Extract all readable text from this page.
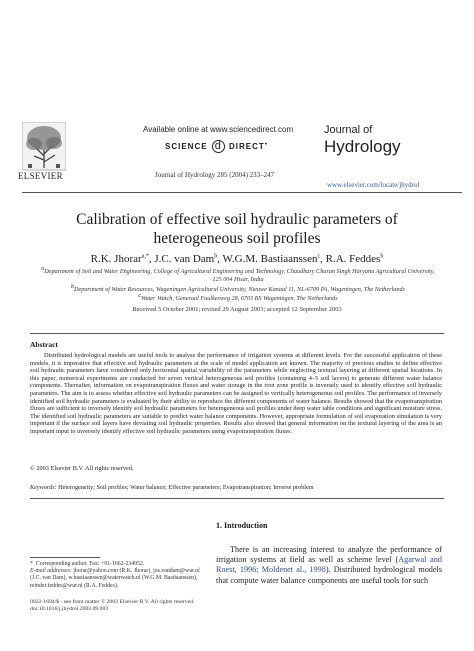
ELSEVIER
Available online at www.sciencedirect.com
SCIENCE d DIRECT•
Journal of Hydrology 285 (2004) 233–247
Journal of
Hydrology
www.elsevier.com/locate/jhydrol
Calibration of effective soil hydraulic parameters of heterogeneous soil profiles
R.K. Jhorar$^{a,*}$, J.C. van Dam$^b$, W.G.M. Bastiaanssen$^c$, R.A. Feddes$^b$
$^a$Department of Soil and Water Engineering, College of Agricultural Engineering and Technology, Chaudhary Charan Singh Haryana Agricultural University, 125 004 Hisar, India
$^b$Department of Water Resources, Wageningen Agricultural University, Nieuwe Kanaal 11, NL-6709 PA, Wageningen, The Netherlands
$^c$Water Watch, Generaal Foulkesweg 28, 6703 BS Wageningen, The Netherlands
Received 5 October 2001; revised 29 August 2003; accepted 12 September 2003
Abstract
Distributed hydrological models are useful tools to analyse the performance of irrigation systems at different levels. For the successful application of these models, it is imperative that effective soil hydraulic parameters at the scale of model application are known. The majority of previous studies to define effective soil hydraulic parameters have considered only horizontal spatial variability of the parameters while neglecting textural layering at different spatial locations. In this paper, numerical experiments are conducted for seven vertical heterogeneous soil profiles (containing 4–5 soil layers) to generate different water balance components. Thereafter, information on evapotranspiration fluxes and water storage in the root zone profile is inversely used to identify effective soil hydraulic parameters. The aim is to assess whether effective soil hydraulic parameters can be assigned to vertically heterogeneous soil profiles. The performance of inversely identified soil hydraulic parameters is evaluated by their ability to reproduce the different components of water balance. Results showed that the evapotranspiration fluxes are sufficient to inversely identify soil hydraulic parameters for heterogeneous soil profiles under deep water table conditions and significant moisture stress. The identified soil hydraulic parameters are suitable to predict water balance components. However, appropriate formulation of soil evaporation simulation is very important if the surface soil layers have deviating soil hydraulic properties. Results also showed that general information on the textural layering of the area is an important input to inversely identify effective soil hydraulic parameters using evapotranspiration fluxes.
© 2003 Elsevier B.V. All rights reserved.
Keywords: Heterogeneity; Soil profiles; Water balance; Effective parameters; Evapotranspiration; Inverse problem
1. Introduction
There is an increasing interest to analyze the performance of irrigation systems at field as well as scheme level (Agarwal and Roest, 1996; Moldenet al., 1998). Distributed hydrological models that compute water balance components are useful tools for such
* Corresponding author. Fax: +91-1662-234952.
E-mail addresses: jhorar@yahoo.com (R.K. Jhorar), jos.vandam@wur.nl (J.C. van Dam), w.bastiaanssen@waterwatch.nl (W.G.M. Bastiaanssen), reinder.feddes@wur.nl (R.A. Feddes).
0022-1694/$ - see front matter © 2003 Elsevier B.V. All rights reserved.
doi:10.1016/j.jhydrol.2003.09.003
